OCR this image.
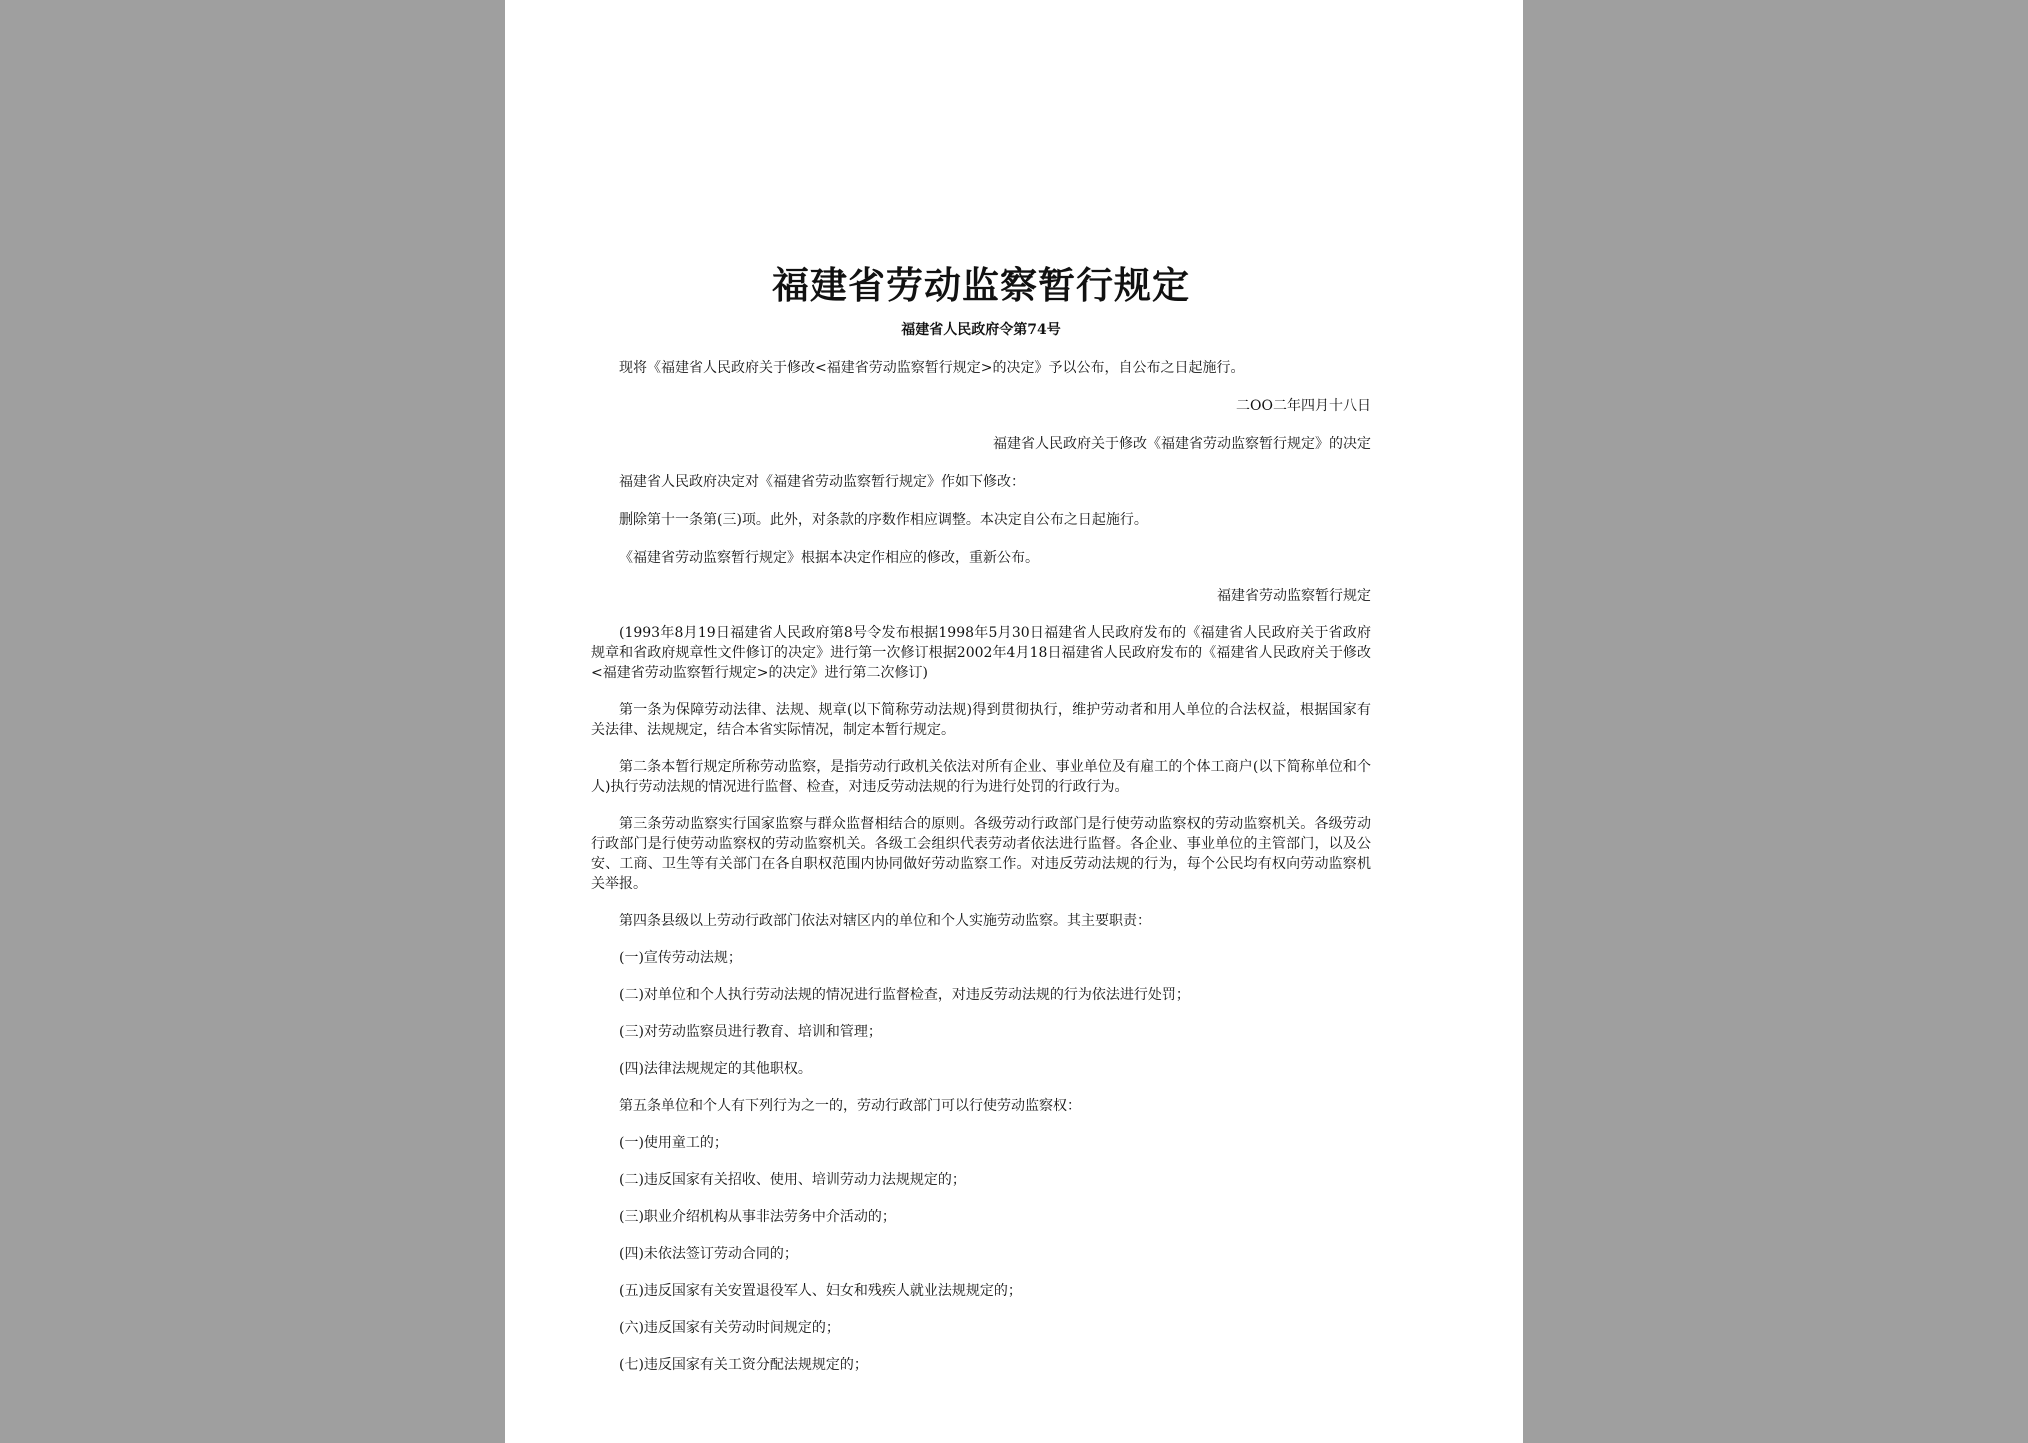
福建省劳动监察暂行规定
福建省人民政府令第74号

现将《福建省人民政府关于修改<福建省劳动监察暂行规定>的决定》予以公布，自公布之日起施行。

二OO二年四月十八日

福建省人民政府关于修改《福建省劳动监察暂行规定》的决定

福建省人民政府决定对《福建省劳动监察暂行规定》作如下修改：

删除第十一条第(三)项。此外，对条款的序数作相应调整。本决定自公布之日起施行。

《福建省劳动监察暂行规定》根据本决定作相应的修改，重新公布。

福建省劳动监察暂行规定

(1993年8月19日福建省人民政府第8号令发布根据1998年5月30日福建省人民政府发布的《福建省人民政府关于省政府规章和省政府规章性文件修订的决定》进行第一次修订根据2002年4月18日福建省人民政府发布的《福建省人民政府关于修改<福建省劳动监察暂行规定>的决定》进行第二次修订)

第一条为保障劳动法律、法规、规章(以下简称劳动法规)得到贯彻执行，维护劳动者和用人单位的合法权益，根据国家有关法律、法规规定，结合本省实际情况，制定本暂行规定。

第二条本暂行规定所称劳动监察，是指劳动行政机关依法对所有企业、事业单位及有雇工的个体工商户(以下简称单位和个人)执行劳动法规的情况进行监督、检查，对违反劳动法规的行为进行处罚的行政行为。

第三条劳动监察实行国家监察与群众监督相结合的原则。各级劳动行政部门是行使劳动监察权的劳动监察机关。各级劳动行政部门是行使劳动监察权的劳动监察机关。各级工会组织代表劳动者依法进行监督。各企业、事业单位的主管部门，以及公安、工商、卫生等有关部门在各自职权范围内协同做好劳动监察工作。对违反劳动法规的行为，每个公民均有权向劳动监察机关举报。

第四条县级以上劳动行政部门依法对辖区内的单位和个人实施劳动监察。其主要职责：

(一)宣传劳动法规；

(二)对单位和个人执行劳动法规的情况进行监督检查，对违反劳动法规的行为依法进行处罚；

(三)对劳动监察员进行教育、培训和管理；

(四)法律法规规定的其他职权。

第五条单位和个人有下列行为之一的，劳动行政部门可以行使劳动监察权：

(一)使用童工的；

(二)违反国家有关招收、使用、培训劳动力法规规定的；

(三)职业介绍机构从事非法劳务中介活动的；

(四)未依法签订劳动合同的；

(五)违反国家有关安置退役军人、妇女和残疾人就业法规规定的；

(六)违反国家有关劳动时间规定的；

(七)违反国家有关工资分配法规规定的；
